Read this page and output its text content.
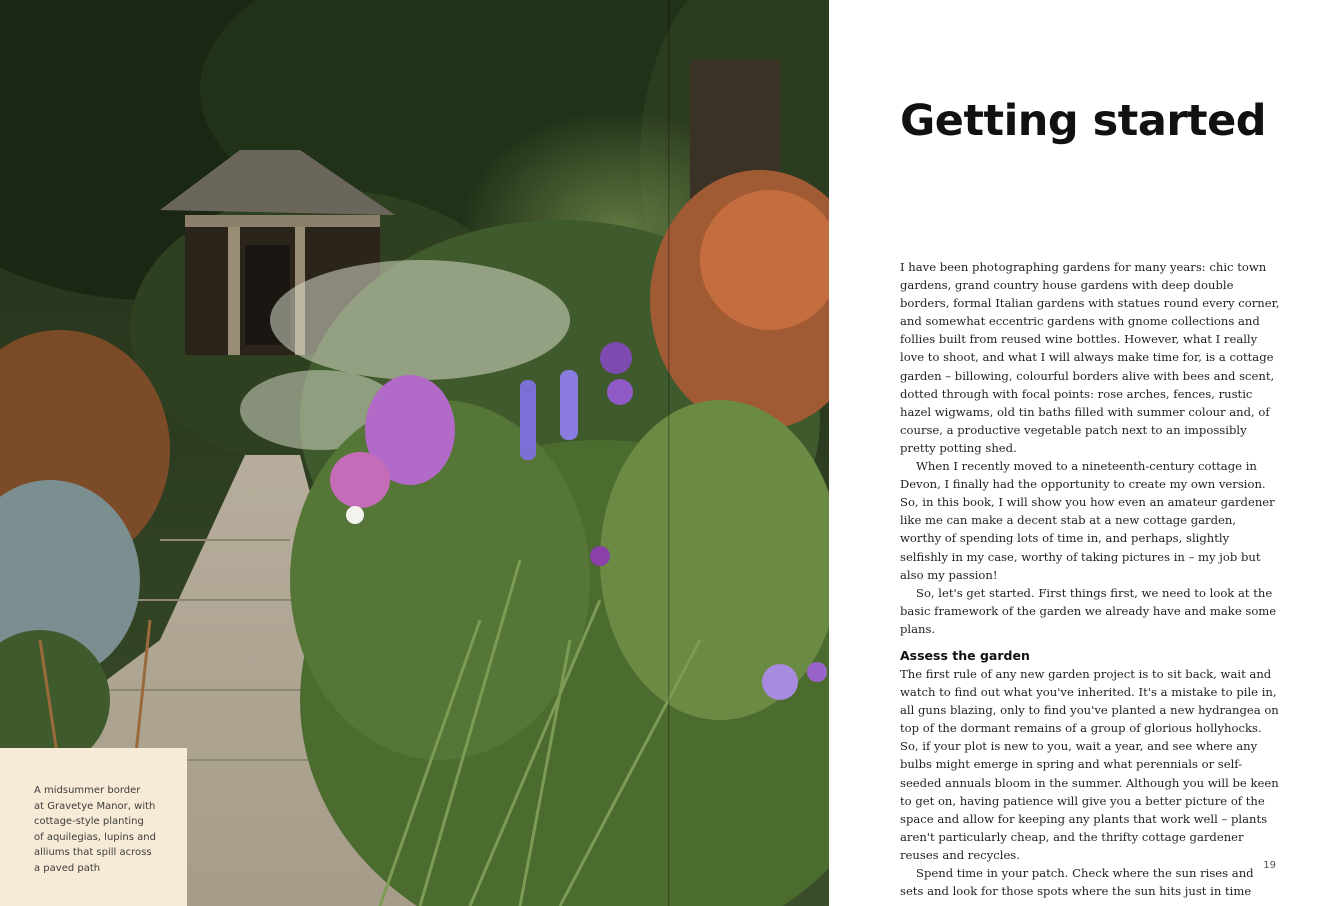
A midsummer border
at Gravetye Manor, with
cottage-style planting
of aquilegias, lupins and
alliums that spill across
a paved path
Getting started

I have been photographing gardens for many years: chic town gardens, grand country house gardens with deep double borders, formal Italian gardens with statues round every corner, and somewhat eccentric gardens with gnome collections and follies built from reused wine bottles. However, what I really love to shoot, and what I will always make time for, is a cottage garden – billowing, colourful borders alive with bees and scent, dotted through with focal points: rose arches, fences, rustic hazel wigwams, old tin baths filled with summer colour and, of course, a productive vegetable patch next to an impossibly pretty potting shed.

When I recently moved to a nineteenth-century cottage in Devon, I finally had the opportunity to create my own version. So, in this book, I will show you how even an amateur gardener like me can make a decent stab at a new cottage garden, worthy of spending lots of time in, and perhaps, slightly selfishly in my case, worthy of taking pictures in – my job but also my passion!

So, let's get started. First things first, we need to look at the basic framework of the garden we already have and make some plans.

Assess the garden

The first rule of any new garden project is to sit back, wait and watch to find out what you've inherited. It's a mistake to pile in, all guns blazing, only to find you've planted a new hydrangea on top of the dormant remains of a group of glorious hollyhocks. So, if your plot is new to you, wait a year, and see where any bulbs might emerge in spring and what perennials or self-seeded annuals bloom in the summer. Although you will be keen to get on, having patience will give you a better picture of the space and allow for keeping any plants that work well – plants aren't particularly cheap, and the thrifty cottage gardener reuses and recycles.

Spend time in your patch. Check where the sun rises and sets and look for those spots where the sun hits just in time

19
